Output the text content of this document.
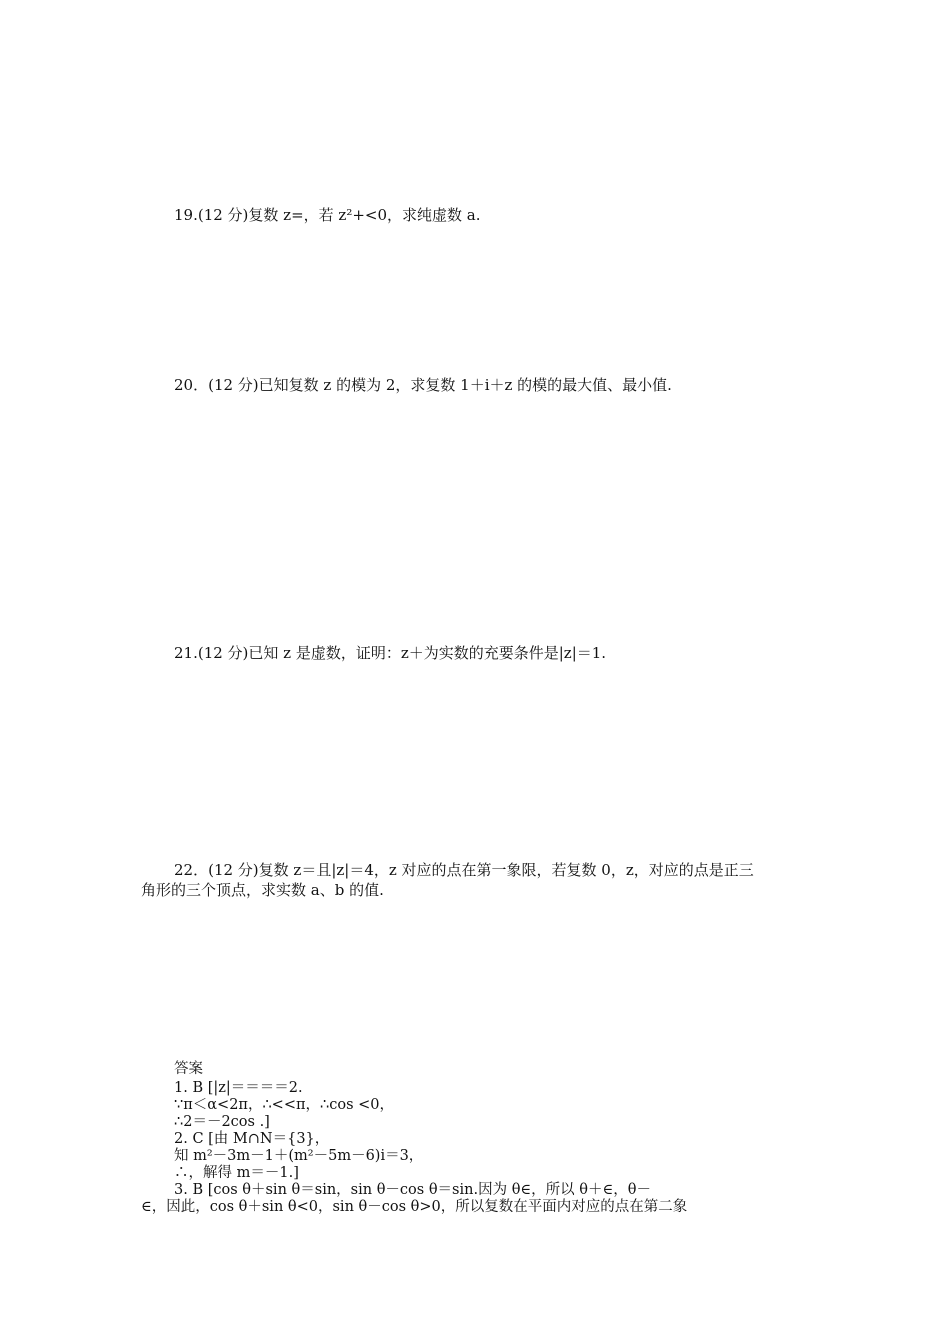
19.(12 分)复数 z=，若 z²+<0，求纯虚数 a.
20．(12 分)已知复数 z 的模为 2，求复数 1＋i＋z 的模的最大值、最小值.
21.(12 分)已知 z 是虚数，证明：z＋为实数的充要条件是|z|＝1.
22．(12 分)复数 z＝且|z|＝4，z 对应的点在第一象限，若复数 0，z，对应的点是正三
角形的三个顶点，求实数 a、b 的值.
答案
1. B [|z|＝＝＝＝2.
∵π＜α<2π，∴<<π，∴cos <0，
∴2＝－2cos .]
2. C [由 M∩N＝{3}，
知 m²－3m－1＋(m²－5m－6)i＝3，
∴，解得 m＝－1.]
3. B [cos θ＋sin θ＝sin，sin θ－cos θ＝sin.因为 θ∈，所以 θ＋∈，θ－
∈，因此，cos θ＋sin θ<0，sin θ－cos θ>0，所以复数在平面内对应的点在第二象
